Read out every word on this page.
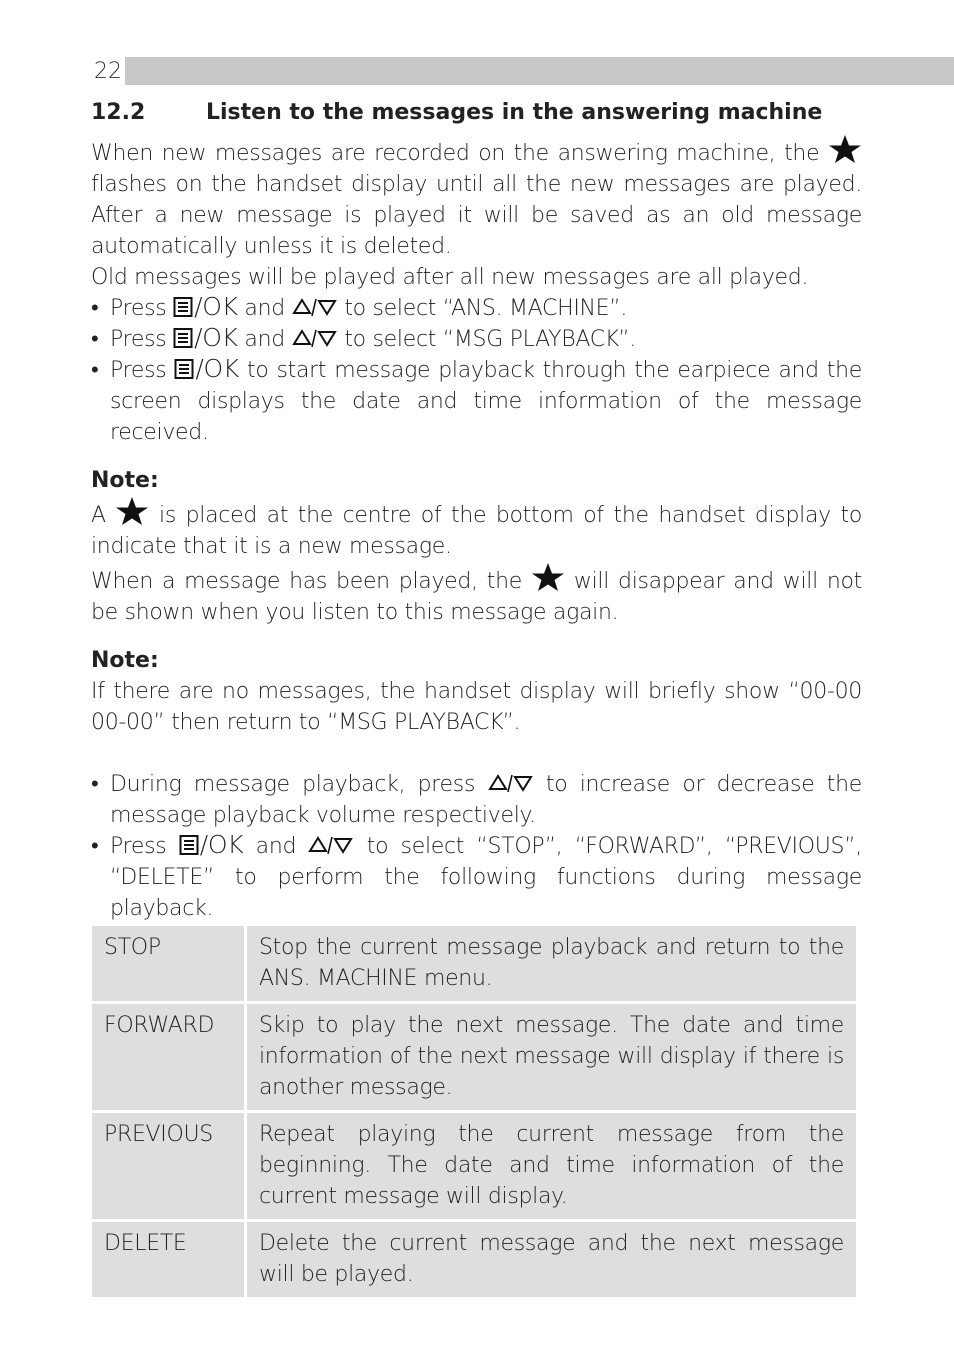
22
12.2	Listen to the messages in the answering machine

When new messages are recorded on the answering machine, the  flashes on the handset display until all the new messages are played. After a new message is played it will be saved as an old message automatically unless it is deleted.

Old messages will be played after all new messages are all played.

• Press /OK and	to select “ANS. MACHINE”.

• Press /OK and	to select “MSG PLAYBACK”.

• Press /OK to start message playback through the earpiece and the screen displays the date and time information of the message received.

Note:

A is placed at the centre of the bottom of the handset display to indicate that it is a new message.

When a message has been played, the will disappear and will not be shown when you listen to this message again.

Note:

If there are no messages, the handset display will briefly show “00-00 00-00” then return to “MSG PLAYBACK”.

• During message playback, press	to increase or decrease the message playback volume respectively.

• Press /OK and	to select “STOP”, “FORWARD”, “PREVIOUS”, “DELETE” to perform the following functions during message playback.

STOP	Stop the current message playback and return to the ANS. MACHINE menu.
FORWARD	Skip to play the next message. The date and time information of the next message will display if there is another message.
PREVIOUS	Repeat playing the current message from the beginning. The date and time information of the current message will display.
DELETE	Delete the current message and the next message will be played.
